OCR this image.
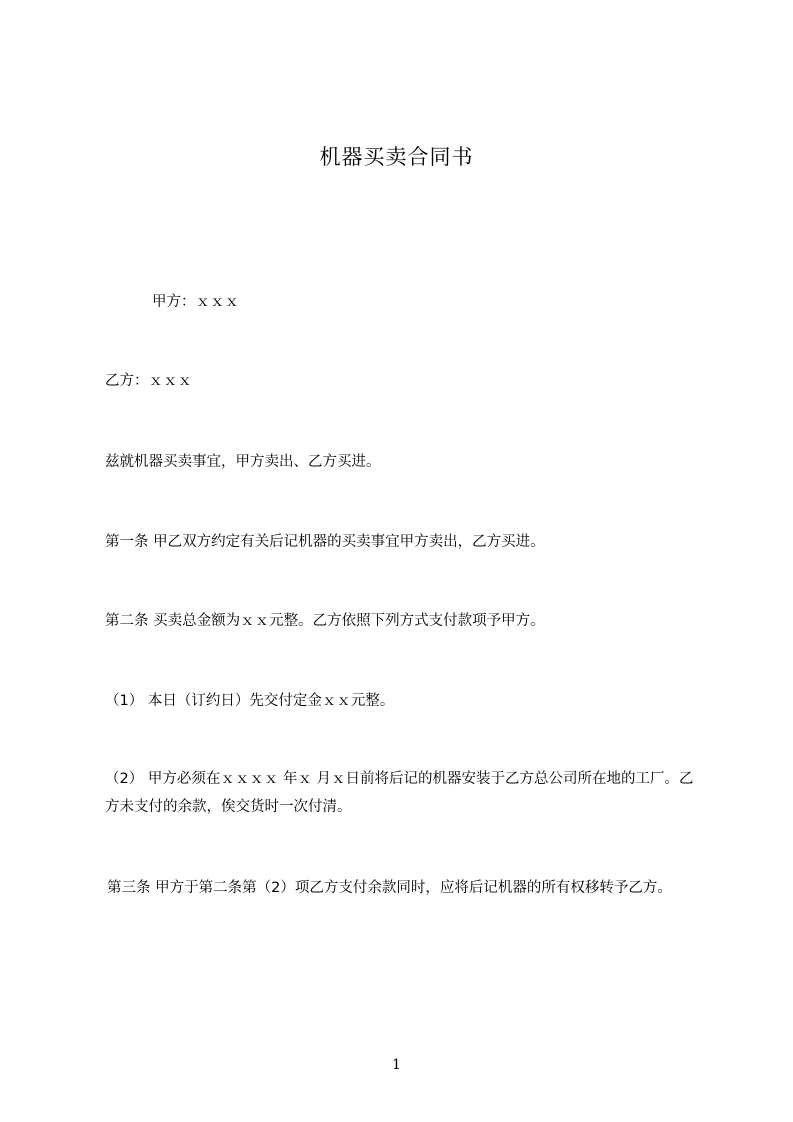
机器买卖合同书
甲方：ｘｘｘ
乙方：ｘｘｘ
兹就机器买卖事宜，甲方卖出、乙方买进。
第一条 甲乙双方约定有关后记机器的买卖事宜甲方卖出，乙方买进。
第二条 买卖总金额为ｘｘ元整。乙方依照下列方式支付款项予甲方。
（1） 本日（订约日）先交付定金ｘｘ元整。
（2） 甲方必须在ｘｘｘｘ 年ｘ 月ｘ日前将后记的机器安装于乙方总公司所在地的工厂。乙方未支付的余款，俟交货时一次付清。
第三条 甲方于第二条第（2）项乙方支付余款同时，应将后记机器的所有权移转予乙方。
1
